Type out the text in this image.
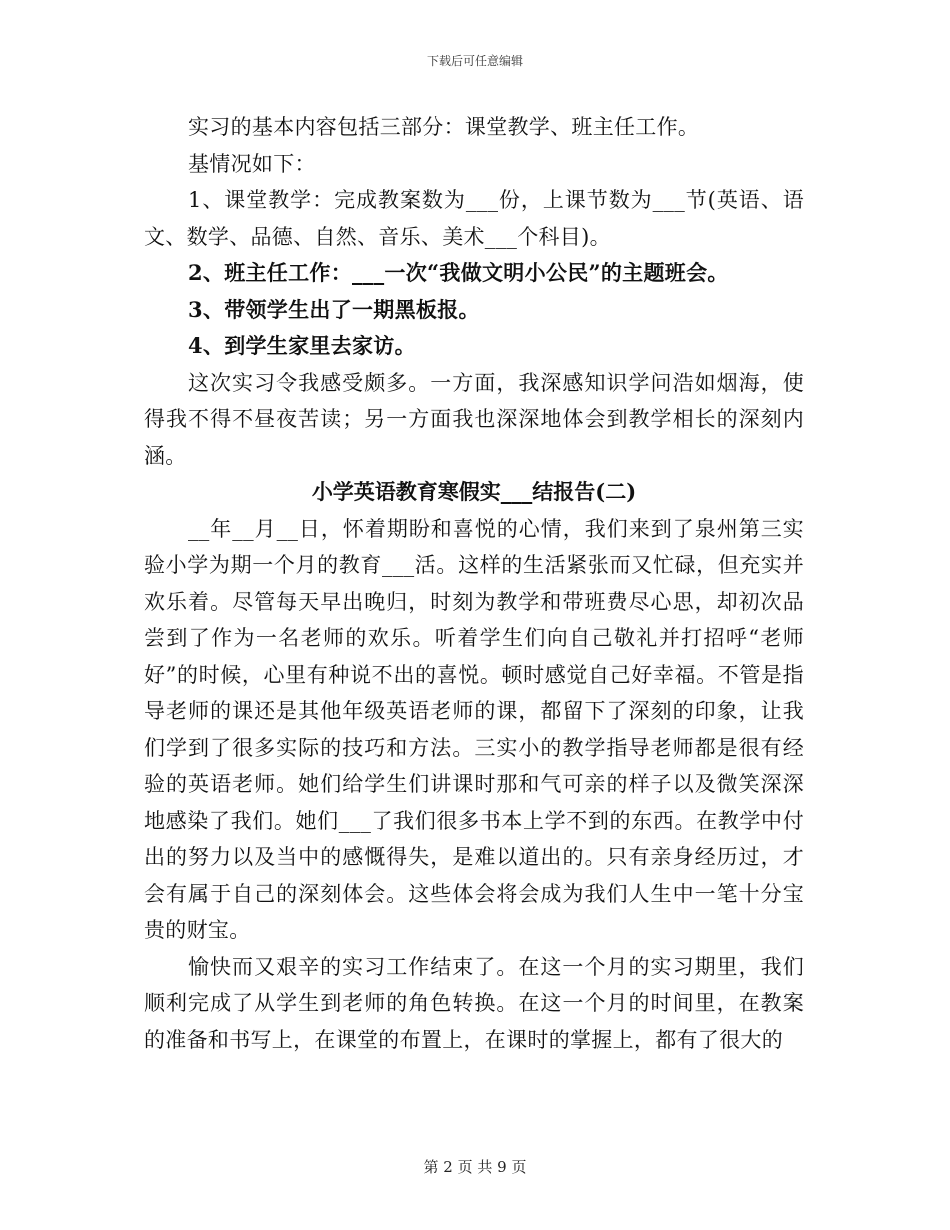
下载后可任意编辑

实习的基本内容包括三部分：课堂教学、班主任工作。

基情况如下：

1、课堂教学：完成教案数为___份，上课节数为___节(英语、语文、数学、品德、自然、音乐、美术___个科目)。

2、班主任工作：___一次“我做文明小公民”的主题班会。

3、带领学生出了一期黑板报。

4、到学生家里去家访。

这次实习令我感受颇多。一方面，我深感知识学问浩如烟海，使得我不得不昼夜苦读；另一方面我也深深地体会到教学相长的深刻内涵。

小学英语教育寒假实___结报告(二)

__年__月__日，怀着期盼和喜悦的心情，我们来到了泉州第三实验小学为期一个月的教育___活。这样的生活紧张而又忙碌，但充实并欢乐着。尽管每天早出晚归，时刻为教学和带班费尽心思，却初次品尝到了作为一名老师的欢乐。听着学生们向自己敬礼并打招呼“老师好”的时候，心里有种说不出的喜悦。顿时感觉自己好幸福。不管是指导老师的课还是其他年级英语老师的课，都留下了深刻的印象，让我们学到了很多实际的技巧和方法。三实小的教学指导老师都是很有经验的英语老师。她们给学生们讲课时那和气可亲的样子以及微笑深深地感染了我们。她们___了我们很多书本上学不到的东西。在教学中付出的努力以及当中的感慨得失，是难以道出的。只有亲身经历过，才会有属于自己的深刻体会。这些体会将会成为我们人生中一笔十分宝贵的财宝。

愉快而又艰辛的实习工作结束了。在这一个月的实习期里，我们顺利完成了从学生到老师的角色转换。在这一个月的时间里，在教案的准备和书写上，在课堂的布置上，在课时的掌握上，都有了很大的

第 2 页 共 9 页
